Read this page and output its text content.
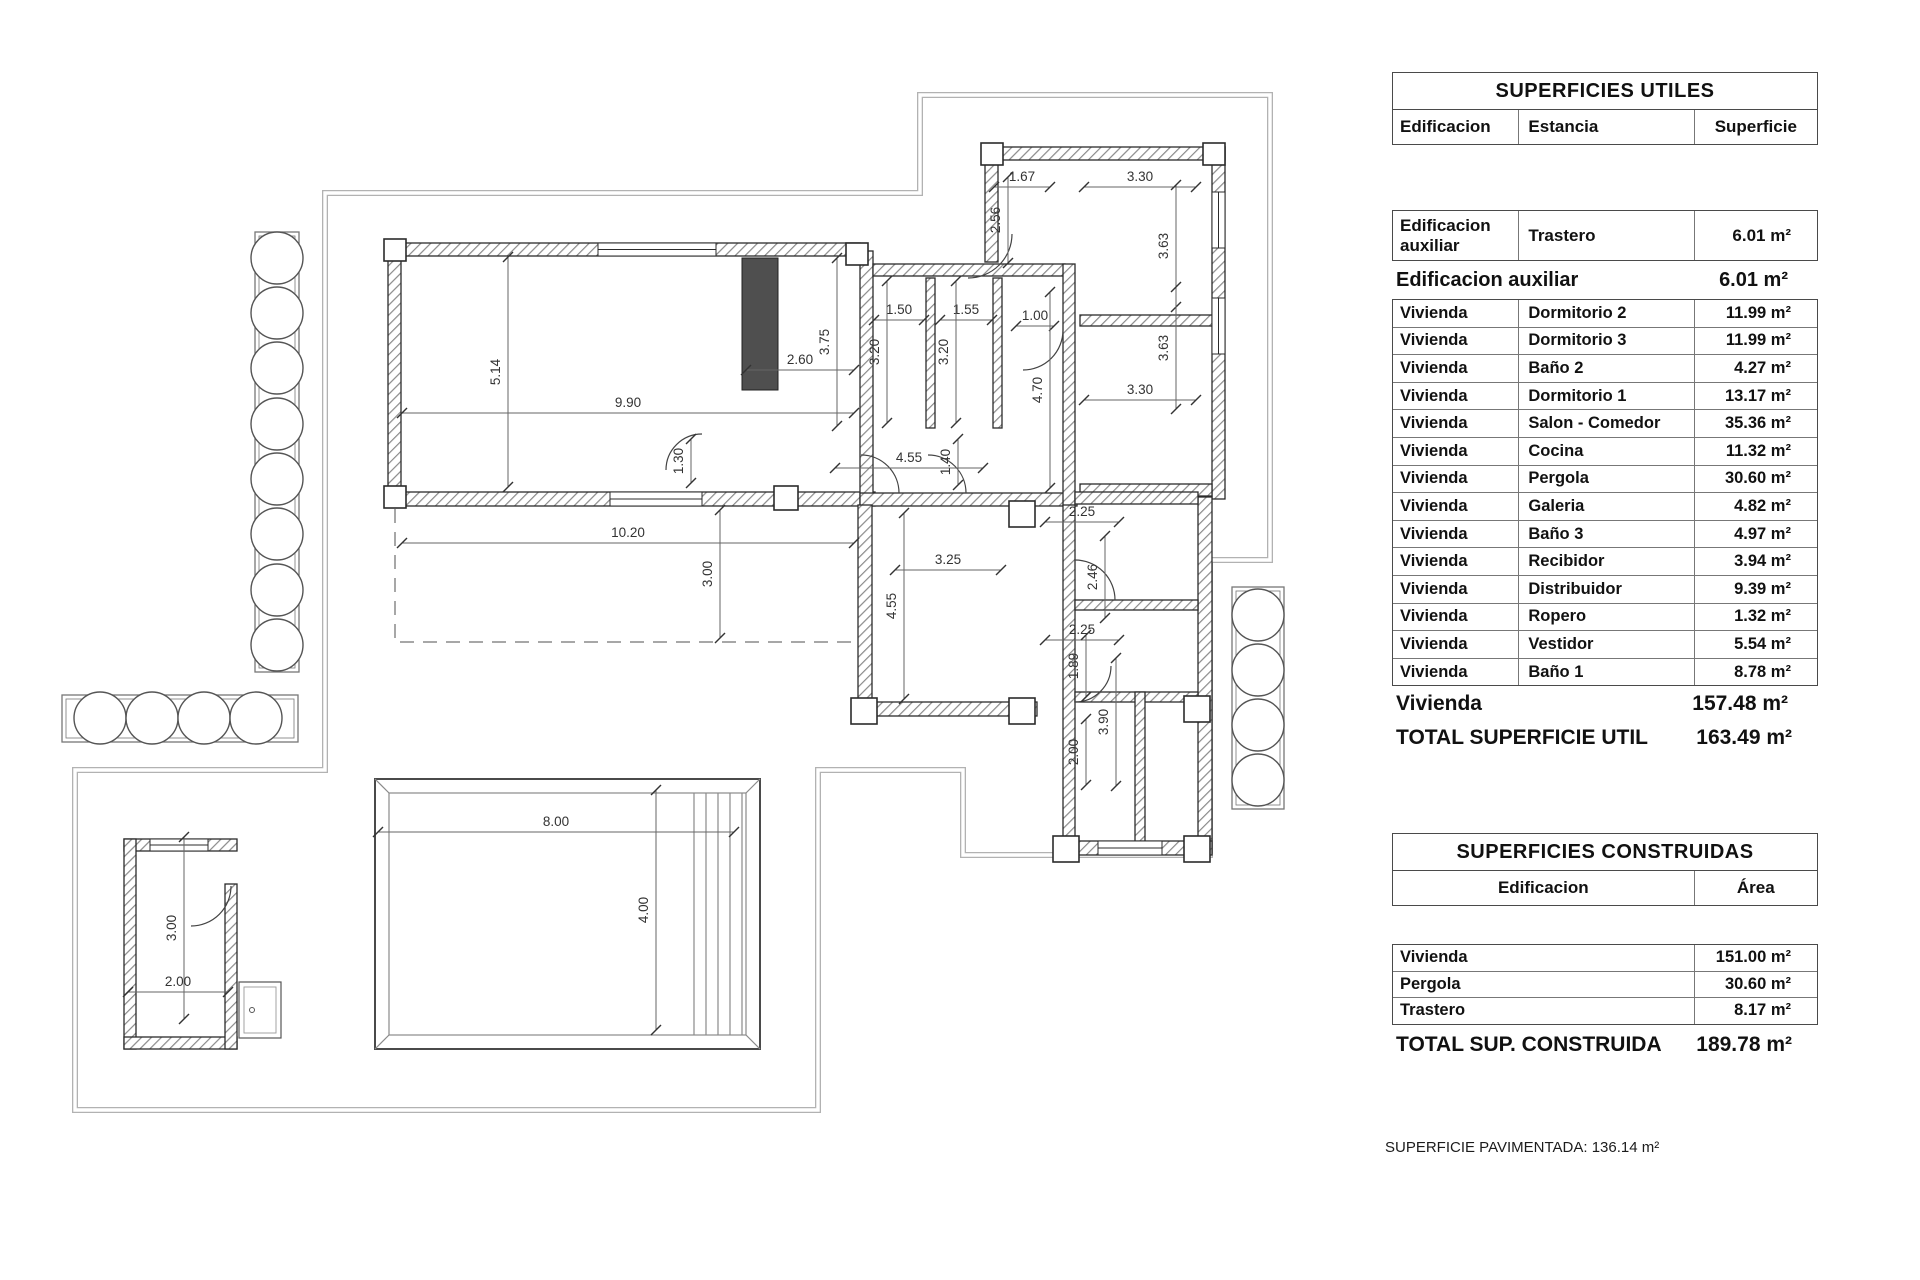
1.67	3.30
2.56
3.63
5.14
9.90
2.60
3.75
1.50
3.20
1.55
3.20
1.00
4.70
3.63
3.30
1.30	4.55 1.40
2.25
2.46
10.20
3.00
3.25
4.55
2.25
1.89
3.90
2.00
8.00
4.00
3.00
2.00
SUPERFICIES UTILES
Edificacion	Estancia	Superficie
Edificacion auxiliar
Trastero	6.01 m²
Edificacion auxiliar	6.01 m²
Vivienda	Dormitorio 2	11.99 m²
Vivienda	Dormitorio 3	11.99 m²
Vivienda	Baño 2	4.27 m²
Vivienda	Dormitorio 1	13.17 m²
Vivienda	Salon - Comedor	35.36 m²
Vivienda	Cocina	11.32 m²
Vivienda	Pergola	30.60 m²
Vivienda	Galeria	4.82 m²
Vivienda	Baño 3	4.97 m²
Vivienda	Recibidor	3.94 m²
Vivienda	Distribuidor	9.39 m²
Vivienda	Ropero	1.32 m²
Vivienda	Vestidor	5.54 m²
Vivienda	Baño 1	8.78 m²
Vivienda	157.48 m²
TOTAL SUPERFICIE UTIL 163.49 m²
SUPERFICIES CONSTRUIDAS
Edificacion	Área
Vivienda	151.00 m²
Pergola	30.60 m²
Trastero	8.17 m²
TOTAL SUP. CONSTRUIDA 189.78 m²
SUPERFICIE PAVIMENTADA: 136.14 m²
